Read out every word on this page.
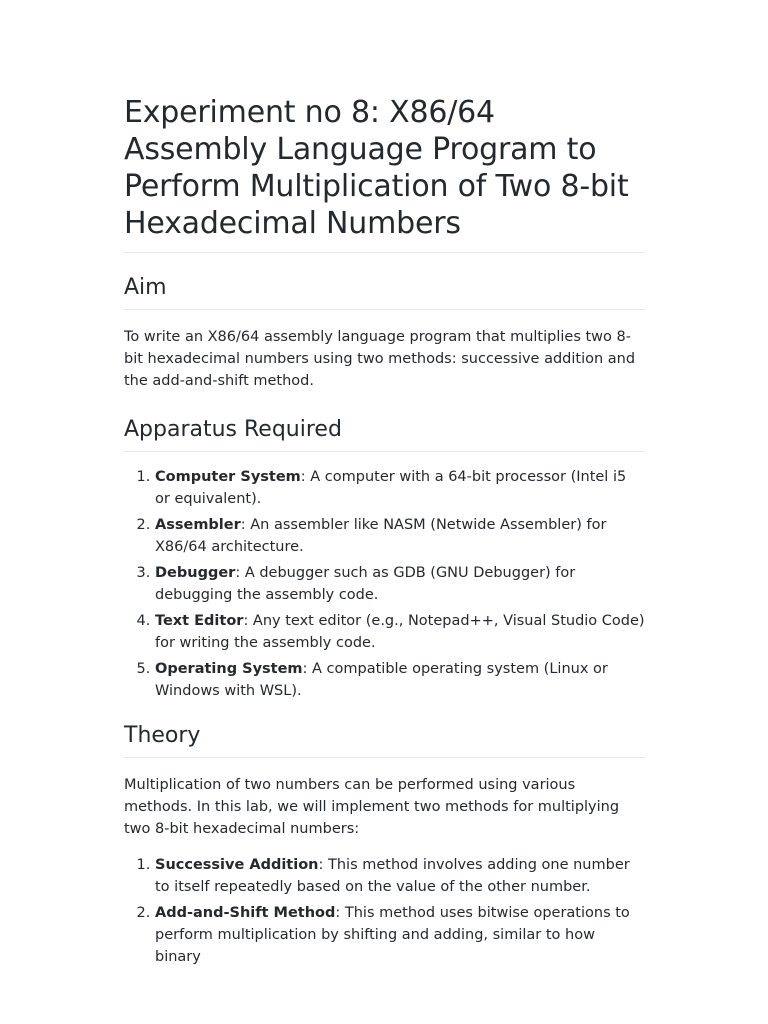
Experiment no 8: X86/64 Assembly Language Program to Perform Multiplication of Two 8-bit Hexadecimal Numbers
Aim

To write an X86/64 assembly language program that multiplies two 8-bit hexadecimal numbers using two methods: successive addition and the add-and-shift method.

Apparatus Required
1. Computer System: A computer with a 64-bit processor (Intel i5 or equivalent).
2. Assembler: An assembler like NASM (Netwide Assembler) for X86/64 architecture.
3. Debugger: A debugger such as GDB (GNU Debugger) for debugging the assembly code.
4. Text Editor: Any text editor (e.g., Notepad++, Visual Studio Code) for writing the assembly code.
5. Operating System: A compatible operating system (Linux or Windows with WSL).
Theory

Multiplication of two numbers can be performed using various methods. In this lab, we will implement two methods for multiplying two 8-bit hexadecimal numbers:

1. Successive Addition: This method involves adding one number to itself repeatedly based on the value of the other number.
2. Add-and-Shift Method: This method uses bitwise operations to perform multiplication by shifting and adding, similar to how binary
